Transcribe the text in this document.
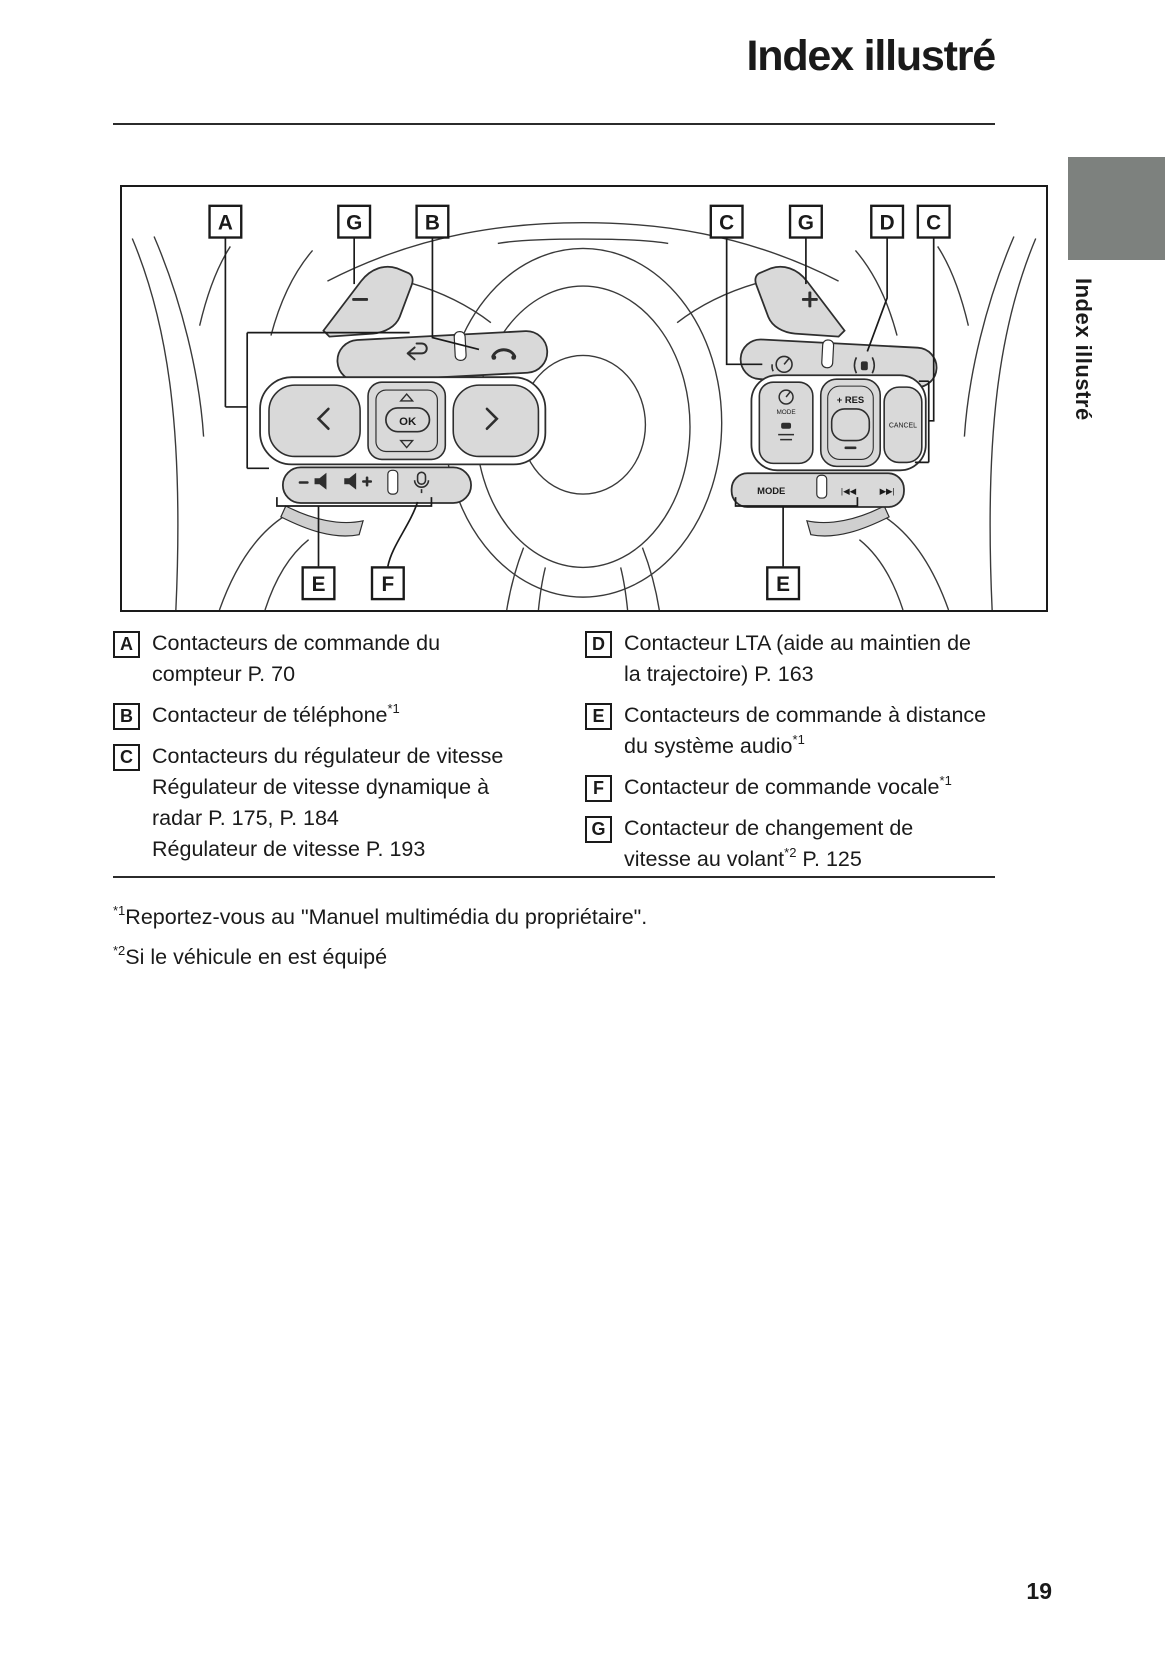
Index illustré
Index illustré
OK
MODE
+ RES
CANCEL
MODE	|◀◀	▶▶|
A	G	B	C	G	D C
E	F	E
A Contacteurs de commande du
compteur P. 70
B Contacteur de téléphone$^{*1}$
C Contacteurs du régulateur de vitesse
Régulateur de vitesse dynamique à
radar P. 175, P. 184
Régulateur de vitesse P. 193
D Contacteur LTA (aide au maintien de
la trajectoire) P. 163
E Contacteurs de commande à distance
du système audio$^{*1}$
F Contacteur de commande vocale$^{*1}$
G Contacteur de changement de
vitesse au volant$^{*2}$ P. 125
$^{*1}$Reportez-vous au "Manuel multimédia du propriétaire".
$^{*2}$Si le véhicule en est équipé
19
